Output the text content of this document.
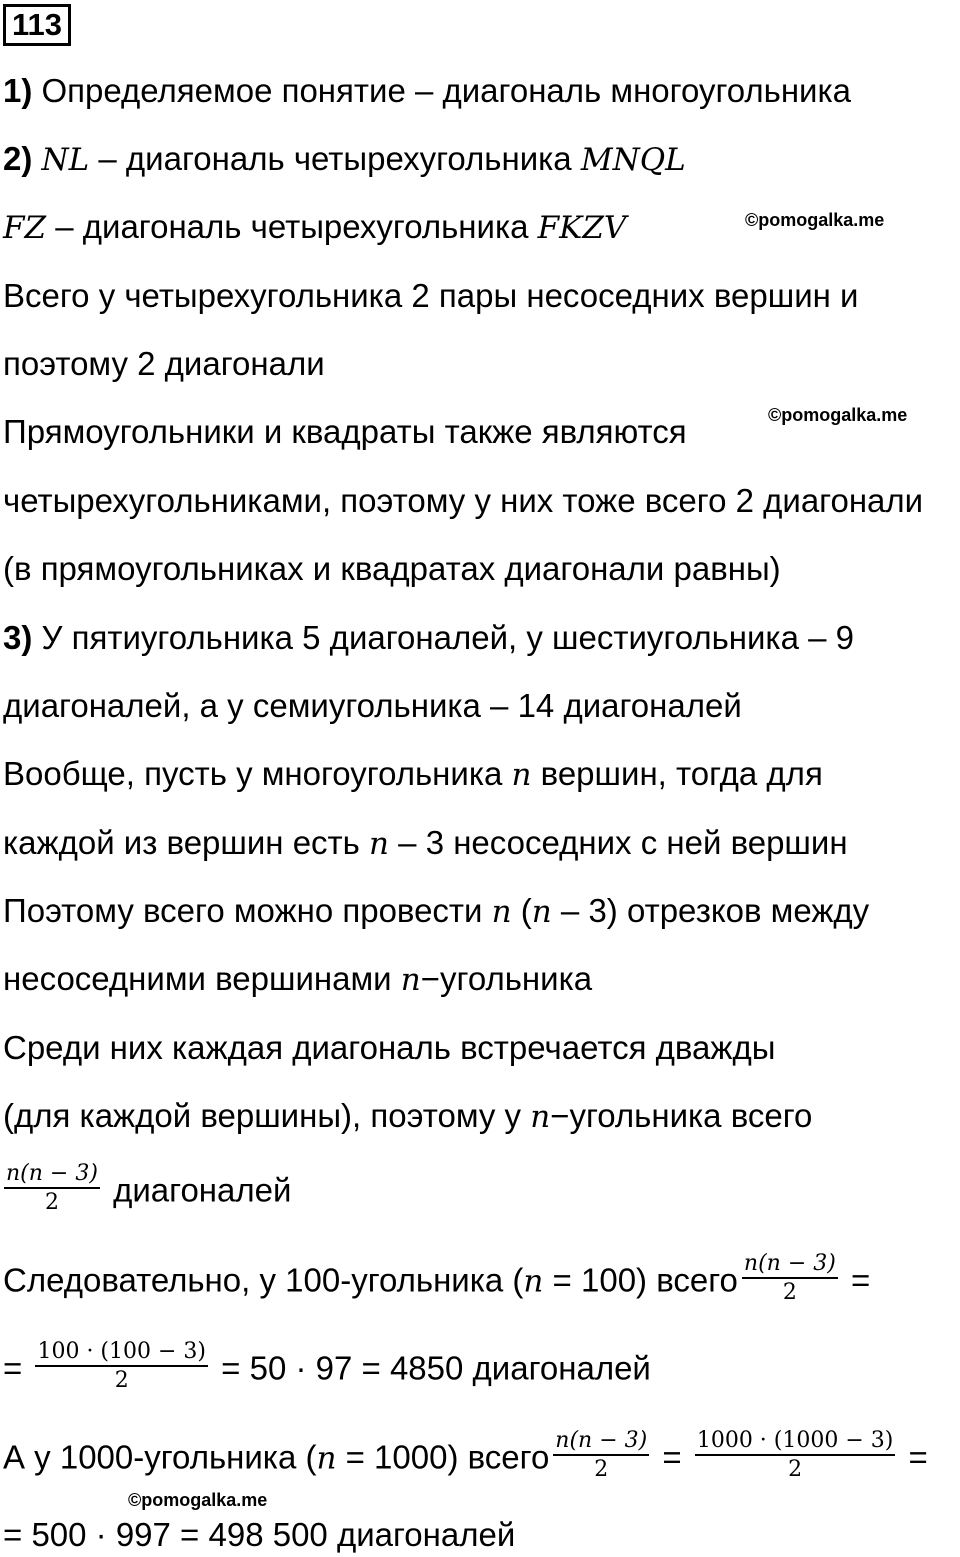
113
1) Определяемое понятие – диагональ многоугольника
2) NL – диагональ четырехугольника MNQL
FZ – диагональ четырехугольника FKZV	©pomogalka.me
Всего у четырехугольника 2 пары несоседних вершин и
поэтому 2 диагонали
Прямоугольники и квадраты также являются	©pomogalka.me
четырехугольниками, поэтому у них тоже всего 2 диагонали
(в прямоугольниках и квадратах диагонали равны)
3) У пятиугольника 5 диагоналей, у шестиугольника – 9
диагоналей, а у семиугольника – 14 диагоналей
Вообще, пусть у многоугольника n вершин, тогда для
каждой из вершин есть n – 3 несоседних с ней вершин
Поэтому всего можно провести n (n – 3) отрезков между
несоседними вершинами n−угольника
Среди них каждая диагональ встречается дважды
(для каждой вершины), поэтому у n−угольника всего
$\frac{n(n - 3)}{2}$ диагоналей
Следовательно, у 100-угольника (n = 100) всего $\frac{n(n - 3)}{2}$ =
= $\frac{100 \cdot (100 - 3)}{2} = 50 \cdot 97 = 4850$ диагоналей
А у 1000-угольника (n = 1000) всего $\frac{n(n - 3)}{2} = \frac{1000 \cdot (1000 - 3)}{2}$ =
©pomogalka.me
= 500 · 997 = 498 500 диагоналей
